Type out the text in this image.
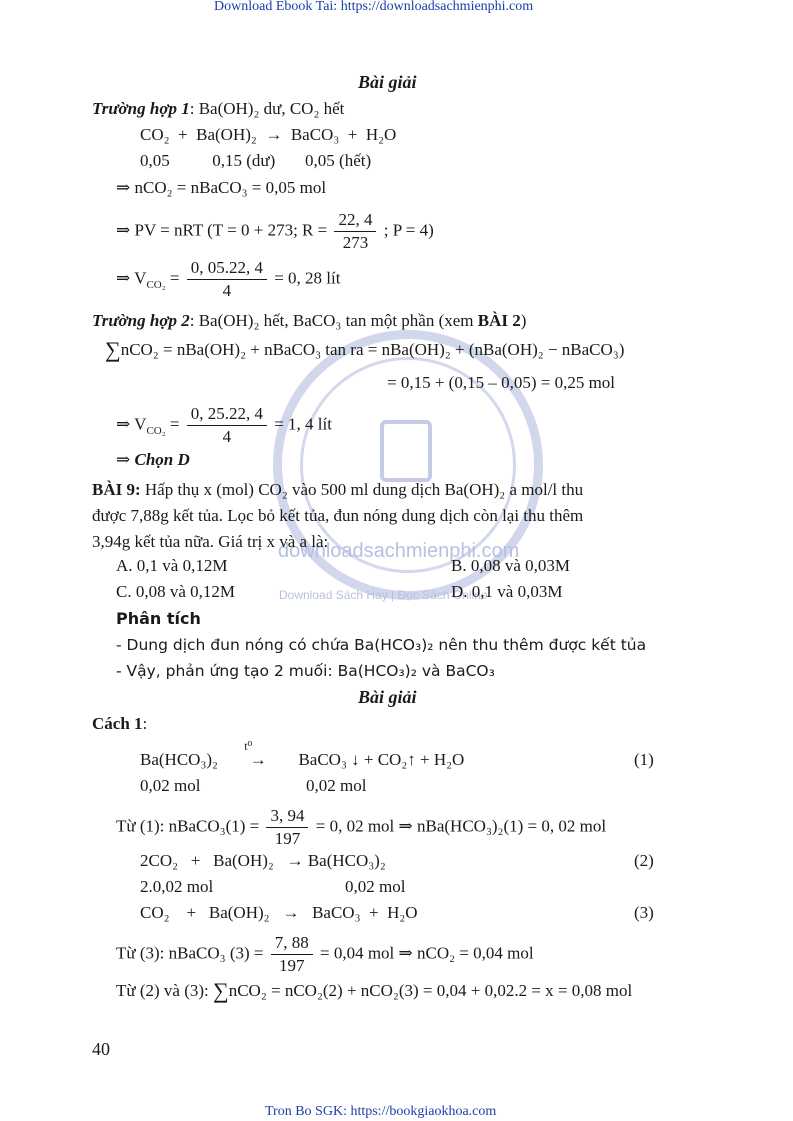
downloadsachmienphi.com
Download Sách Hay | Đọc Sách Online
Download Ebook Tai: https://downloadsachmienphi.com
Bài giải
Trường hợp 1: Ba(OH)₂ dư, CO₂ hết
CO₂  +  Ba(OH)₂  →  BaCO₃  +  H₂O
0,05          0,15 (dư)       0,05 (hết)
⇒ nCO₂ = nBaCO₃ = 0,05 mol
⇒ PV = nRT (T = 0 + 273; $R = \frac{22, 4}{273}$ ; P = 4)
⇒ $V_{CO_2} = \frac{0, 05.22, 4}{4} = 0$, 28 lít
Trường hợp 2: Ba(OH)₂ hết, BaCO₃ tan một phần (xem BÀI 2)
∑nCO₂ = nBa(OH)₂ + nBaCO₃ tan ra = nBa(OH)₂ + (nBa(OH)₂ − nBaCO₃)
= 0,15 + (0,15 – 0,05) = 0,25 mol
⇒ $V_{CO_2} = \frac{0, 25.22, 4}{4} = 1$, 4 lít
⇒ Chọn D
BÀI 9: Hấp thụ x (mol) CO₂ vào 500 ml dung dịch Ba(OH)₂ a mol/l thu
được 7,88g kết tủa. Lọc bỏ kết tủa, đun nóng dung dịch còn lại thu thêm
3,94g kết tủa nữa. Giá trị x và a là:
A. 0,1 và 0,12M	B. 0,08 và 0,03M
C. 0,08 và 0,12M	D. 0,1 và 0,03M
Phân tích
- Dung dịch đun nóng có chứa Ba(HCO₃)₂ nên thu thêm được kết tủa
- Vậy, phản ứng tạo 2 muối: Ba(HCO₃)₂ và BaCO₃
Bài giải
Cách 1:
Ba(HCO₃)₂
t⁰
→ BaCO₃ ↓ + CO₂↑ + H₂O	(1)
0,02 mol	0,02 mol
Từ (1): nBaCO₃(1) = $\frac{3, 94}{197} = 0$, 02 mol ⇒ nBa(HCO₃)₂(1) = 0, 02 mol
2CO₂   +   Ba(OH)₂   → Ba(HCO₃)₂	(2)
2.0,02 mol	0,02 mol
CO₂    +   Ba(OH)₂   →   BaCO₃  +  H₂O	(3)
Từ (3): nBaCO₃ $(3) = \frac{7, 88}{197} = 0,04$ mol ⇒ nCO₂ = 0,04 mol
Từ (2) và (3): ∑nCO₂ = nCO₂(2) + nCO₂(3) = 0,04 + 0,02.2 = x = 0,08 mol
40
Tron Bo SGK: https://bookgiaokhoa.com
